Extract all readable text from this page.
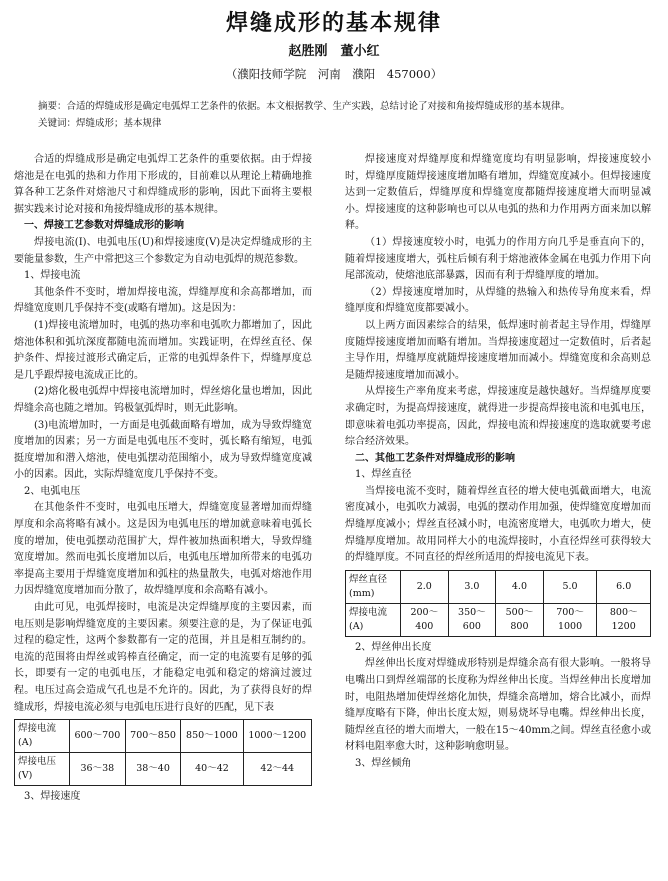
焊缝成形的基本规律
赵胜刚　董小红
（濮阳技师学院　河南　濮阳　457000）
摘要：合适的焊缝成形是确定电弧焊工艺条件的依据。本文根据教学、生产实践，总结讨论了对接和角接焊缝成形的基本规律。
关键词：焊缝成形；基本规律

合适的焊缝成形是确定电弧焊工艺条件的重要依据。由于焊接熔池是在电弧的热和力作用下形成的，目前难以从理论上精确地推算各种工艺条件对熔池尺寸和焊缝成形的影响，因此下面将主要根据实践来讨论对接和角接焊缝成形的基本规律。

一、焊接工艺参数对焊缝成形的影响

焊接电流(I)、电弧电压(U)和焊接速度(V)是决定焊缝成形的主要能量参数，生产中常把这三个参数定为自动电弧焊的规范参数。

1、焊接电流

其他条件不变时，增加焊接电流，焊缝厚度和余高都增加，而焊缝宽度则几乎保持不变(或略有增加)。这是因为：

(1)焊接电流增加时，电弧的热功率和电弧吹力都增加了，因此熔池体积和弧坑深度都随电流而增加。实践证明，在焊丝直径、保护条件、焊接过渡形式确定后，正常的电弧焊条件下，焊缝厚度总是几乎跟焊接电流成正比的。

(2)熔化极电弧焊中焊接电流增加时，焊丝熔化量也增加，因此焊缝余高也随之增加。钨极氩弧焊时，则无此影响。

(3)电流增加时，一方面是电弧截面略有增加，成为导致焊缝宽度增加的因素；另一方面是电弧电压不变时，弧长略有缩短，电弧挺度增加和潜入熔池，使电弧摆动范围缩小，成为导致焊缝宽度减小的因素。因此，实际焊缝宽度几乎保持不变。

2、电弧电压

在其他条件不变时，电弧电压增大，焊缝宽度显著增加而焊缝厚度和余高将略有减小。这是因为电弧电压的增加就意味着电弧长度的增加，使电弧摆动范围扩大，焊件被加热面积增大，导致焊缝宽度增加。然而电弧长度增加以后，电弧电压增加所带来的电弧功率提高主要用于焊缝宽度增加和弧柱的热量散失，电弧对熔池作用力因焊缝宽度增加而分散了，故焊缝厚度和余高略有减小。

由此可见，电弧焊接时，电流是决定焊缝厚度的主要因素，而电压则是影响焊缝宽度的主要因素。须要注意的是，为了保证电弧过程的稳定性，这两个参数都有一定的范围，并且是相互制约的。电流的范围将由焊丝或钨棒直径确定，而一定的电流要有足够的弧长，即要有一定的电弧电压，才能稳定电弧和稳定的熔滴过渡过程。电压过高会造成气孔也是不允许的。因此，为了获得良好的焊缝成形，焊接电流必须与电弧电压进行良好的匹配，见下表

焊接电流(A)	600～700	700～850	850～1000	1000～1200
焊接电压(V)	36～38	38～40	40～42	42～44

3、焊接速度

焊接速度对焊缝厚度和焊缝宽度均有明显影响，焊接速度较小时，焊缝厚度随焊接速度增加略有增加，焊缝宽度减小。但焊接速度达到一定数值后，焊缝厚度和焊缝宽度都随焊接速度增大而明显减小。焊接速度的这种影响也可以从电弧的热和力作用两方面来加以解释。

（1）焊接速度较小时，电弧力的作用方向几乎是垂直向下的，随着焊接速度增大，弧柱后倾有利于熔池液体金属在电弧力作用下向尾部流动，使熔池底部暴露，因而有利于焊缝厚度的增加。

（2）焊接速度增加时，从焊缝的热输入和热传导角度来看，焊缝厚度和焊缝宽度都要减小。

以上两方面因素综合的结果，低焊速时前者起主导作用，焊缝厚度随焊接速度增加而略有增加。当焊接速度超过一定数值时，后者起主导作用，焊缝厚度就随焊接速度增加而减小。焊缝宽度和余高则总是随焊接速度增加而减小。

从焊接生产率角度来考虑，焊接速度是越快越好。当焊缝厚度要求确定时，为提高焊接速度，就得进一步提高焊接电流和电弧电压，即意味着电弧功率提高，因此，焊接电流和焊接速度的选取就要考虑综合经济效果。

二、其他工艺条件对焊缝成形的影响

1、焊丝直径

当焊接电流不变时，随着焊丝直径的增大使电弧截面增大，电流密度减小，电弧吹力减弱，电弧的摆动作用加强，使焊缝宽度增加而焊缝厚度减小；焊丝直径减小时，电流密度增大，电弧吹力增大，使焊缝厚度增加。故用同样大小的电流焊接时，小直径焊丝可获得较大的焊缝厚度。不同直径的焊丝所适用的焊接电流见下表。

焊丝直径(mm)	2.0	3.0	4.0	5.0	6.0
焊接电流(A)	200～400	350～600	500～800	700～1000	800～1200

2、焊丝伸出长度

焊丝伸出长度对焊缝成形特别是焊缝余高有很大影响。一般将导电嘴出口到焊丝端部的长度称为焊丝伸出长度。当焊丝伸出长度增加时，电阻热增加使焊丝熔化加快，焊缝余高增加，熔合比减小，而焊缝厚度略有下降，伸出长度太短，则易烧坏导电嘴。焊丝伸出长度，随焊丝直径的增大而增大，一般在15～40mm之间。焊丝直径愈小或材料电阻率愈大时，这种影响愈明显。

3、焊丝倾角
